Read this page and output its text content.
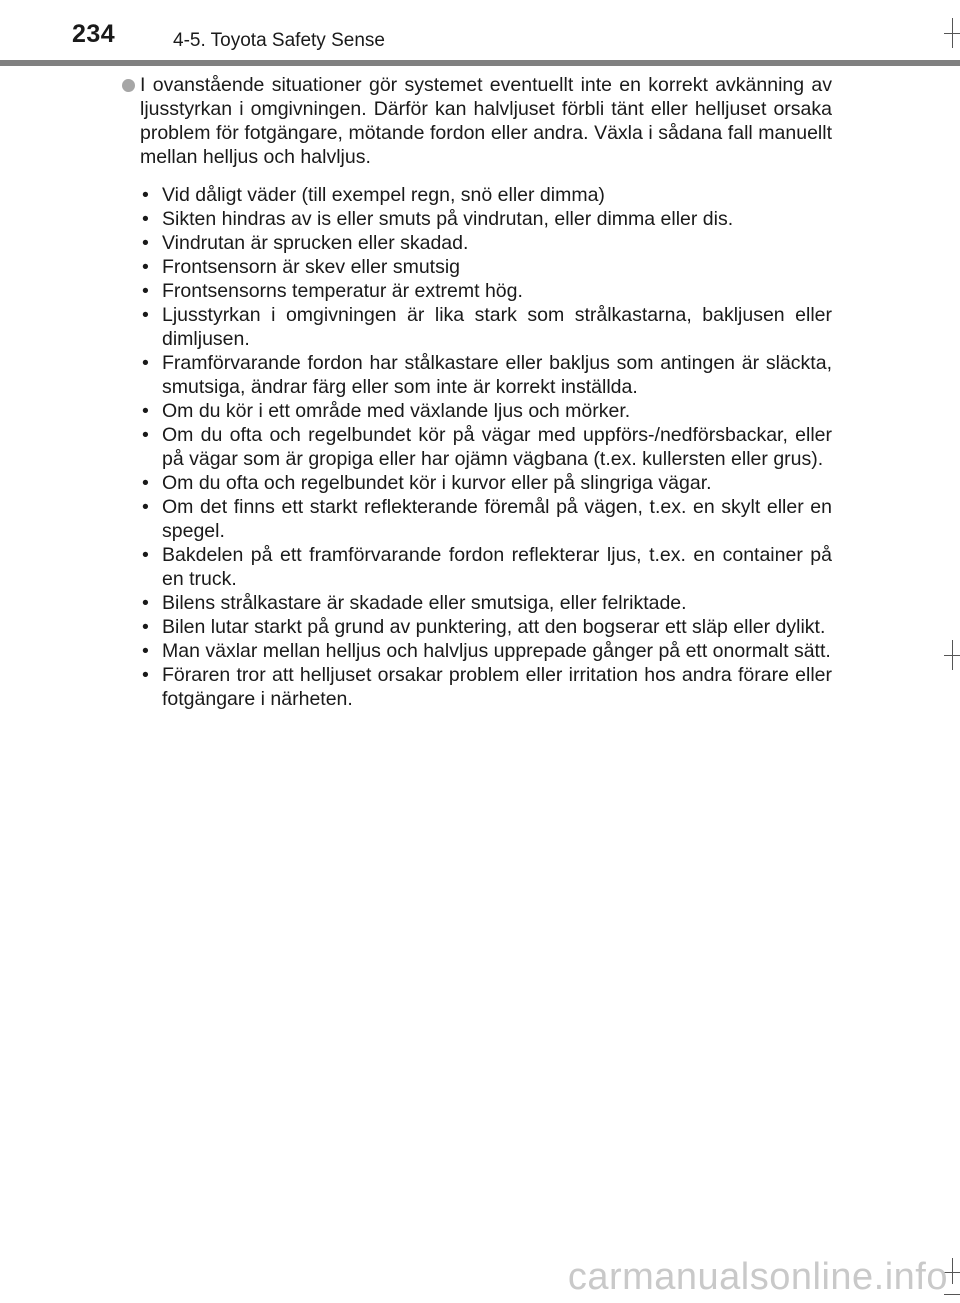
234	4-5. Toyota Safety Sense
I ovanstående situationer gör systemet eventuellt inte en korrekt avkänning av ljusstyrkan i omgivningen. Därför kan halvljuset förbli tänt eller helljuset orsaka problem för fotgängare, mötande fordon eller andra. Växla i sådana fall manuellt mellan helljus och halvljus.
• Vid dåligt väder (till exempel regn, snö eller dimma)
• Sikten hindras av is eller smuts på vindrutan, eller dimma eller dis.
• Vindrutan är sprucken eller skadad.
• Frontsensorn är skev eller smutsig
• Frontsensorns temperatur är extremt hög.
• Ljusstyrkan i omgivningen är lika stark som strålkastarna, bakljusen eller dimljusen.
• Framförvarande fordon har stålkastare eller bakljus som antingen är släckta, smutsiga, ändrar färg eller som inte är korrekt inställda.
• Om du kör i ett område med växlande ljus och mörker.
• Om du ofta och regelbundet kör på vägar med uppförs-/nedförsbackar, eller på vägar som är gropiga eller har ojämn vägbana (t.ex. kullersten eller grus).
• Om du ofta och regelbundet kör i kurvor eller på slingriga vägar.
• Om det finns ett starkt reflekterande föremål på vägen, t.ex. en skylt eller en spegel.
• Bakdelen på ett framförvarande fordon reflekterar ljus, t.ex. en container på en truck.
• Bilens strålkastare är skadade eller smutsiga, eller felriktade.
• Bilen lutar starkt på grund av punktering, att den bogserar ett släp eller dylikt.
• Man växlar mellan helljus och halvljus upprepade gånger på ett onormalt sätt.
• Föraren tror att helljuset orsakar problem eller irritation hos andra förare eller fotgängare i närheten.
carmanualsonline.info
